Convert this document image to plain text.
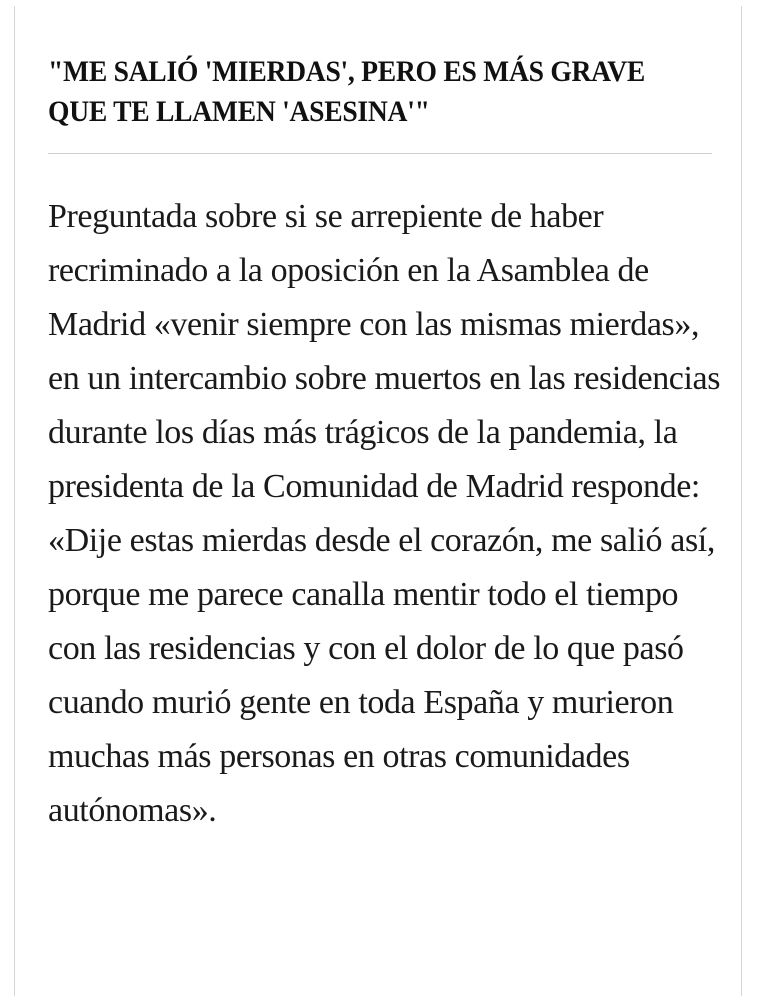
"ME SALIÓ 'MIERDAS', PERO ES MÁS GRAVE QUE TE LLAMEN 'ASESINA'"

Preguntada sobre si se arrepiente de haber recriminado a la oposición en la Asamblea de Madrid «venir siempre con las mismas mierdas», en un intercambio sobre muertos en las residencias durante los días más trágicos de la pandemia, la presidenta de la Comunidad de Madrid responde: «Dije estas mierdas desde el corazón, me salió así, porque me parece canalla mentir todo el tiempo con las residencias y con el dolor de lo que pasó cuando murió gente en toda España y murieron muchas más personas en otras comunidades autónomas».
